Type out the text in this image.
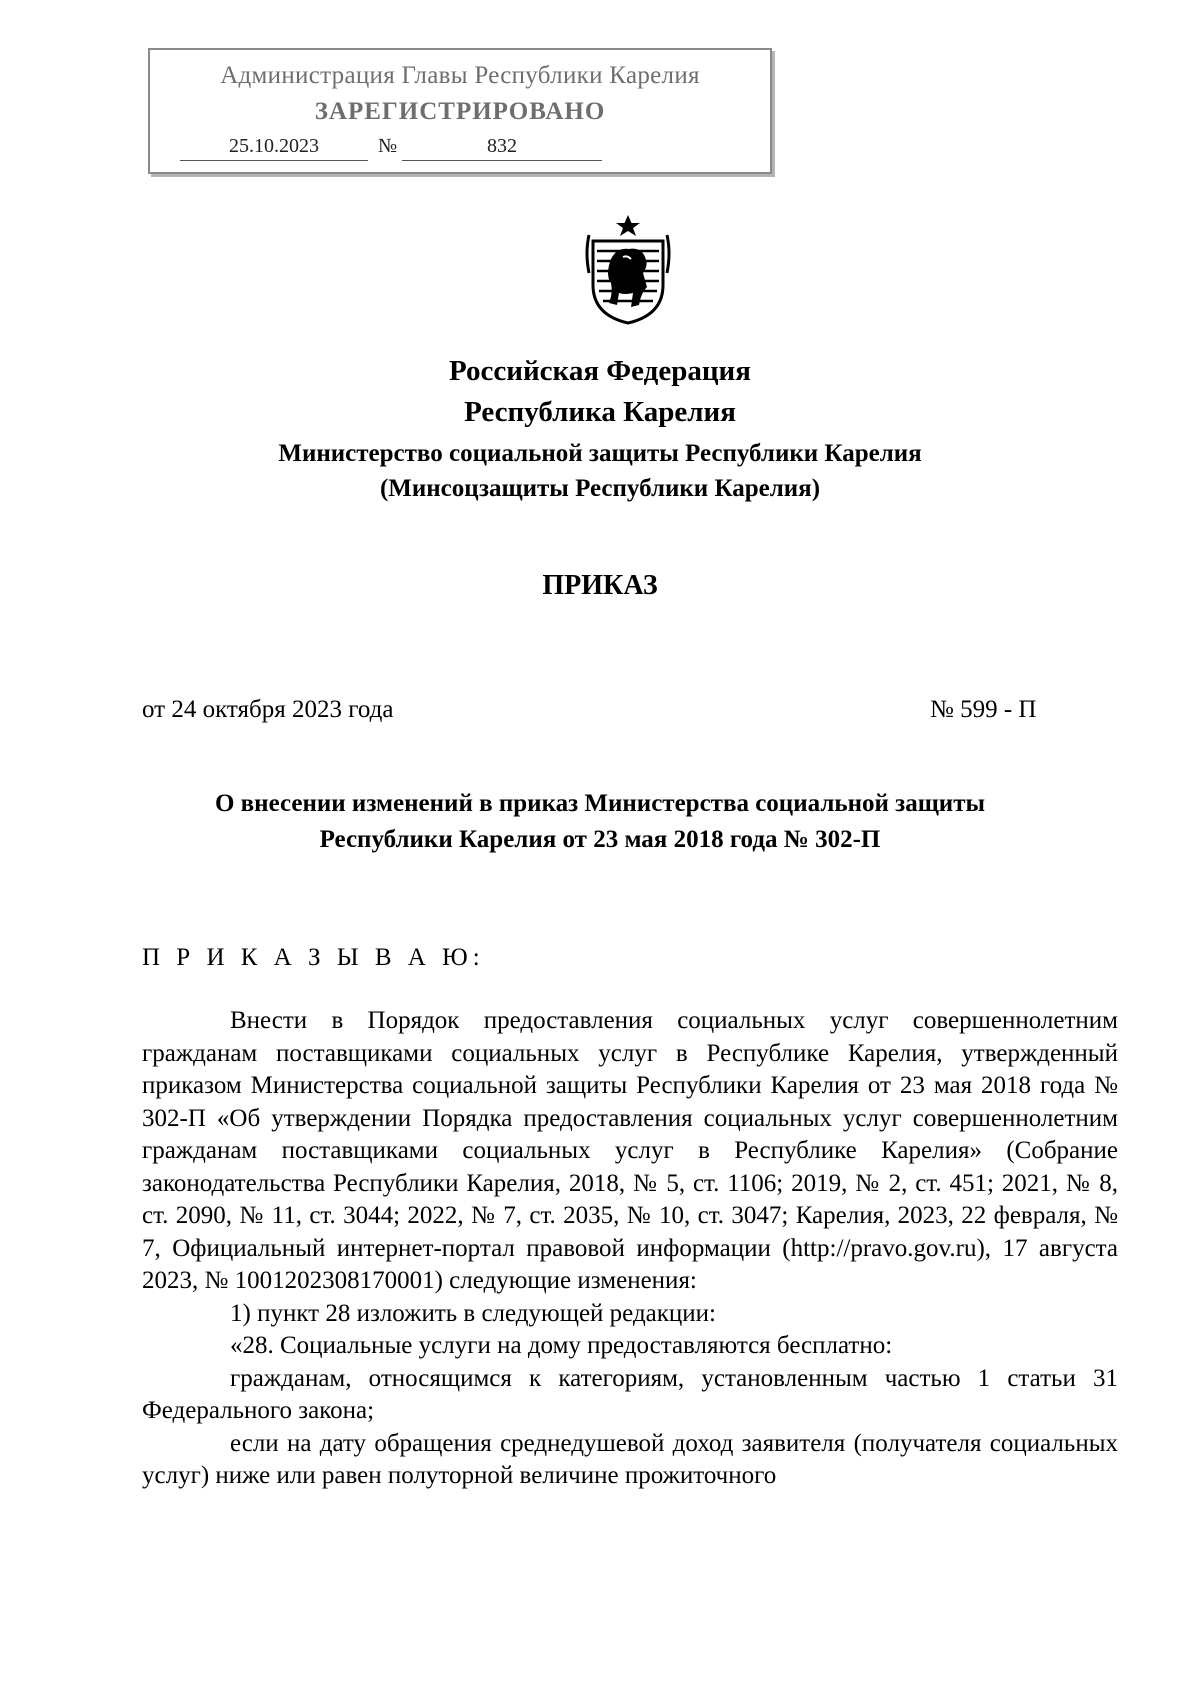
Администрация Главы Республики Карелия
ЗАРЕГИСТРИРОВАНО
25.10.2023	№	832
Российская Федерация
Республика Карелия
Министерство социальной защиты Республики Карелия
(Минсоцзащиты Республики Карелия)
ПРИКАЗ
от 24 октября 2023 года	№ 599 - П
О внесении изменений в приказ Министерства социальной защиты
Республики Карелия от 23 мая 2018 года № 302-П
П Р И К А З Ы В А Ю:

Внести в Порядок предоставления социальных услуг совершеннолетним гражданам поставщиками социальных услуг в Республике Карелия, утвержденный приказом Министерства социальной защиты Республики Карелия от 23 мая 2018 года № 302-П «Об утверждении Порядка предоставления социальных услуг совершеннолетним гражданам поставщиками социальных услуг в Республике Карелия» (Собрание законодательства Республики Карелия, 2018, № 5, ст. 1106; 2019, № 2, ст. 451; 2021, № 8, ст. 2090, № 11, ст. 3044; 2022, № 7, ст. 2035, № 10, ст. 3047; Карелия, 2023, 22 февраля, № 7, Официальный интернет-портал правовой информации (http://pravo.gov.ru), 17 августа 2023, № 1001202308170001) следующие изменения:

1) пункт 28 изложить в следующей редакции:

«28. Социальные услуги на дому предоставляются бесплатно:

гражданам, относящимся к категориям, установленным частью 1 статьи 31 Федерального закона;

если на дату обращения среднедушевой доход заявителя (получателя социальных услуг) ниже или равен полуторной величине прожиточного
